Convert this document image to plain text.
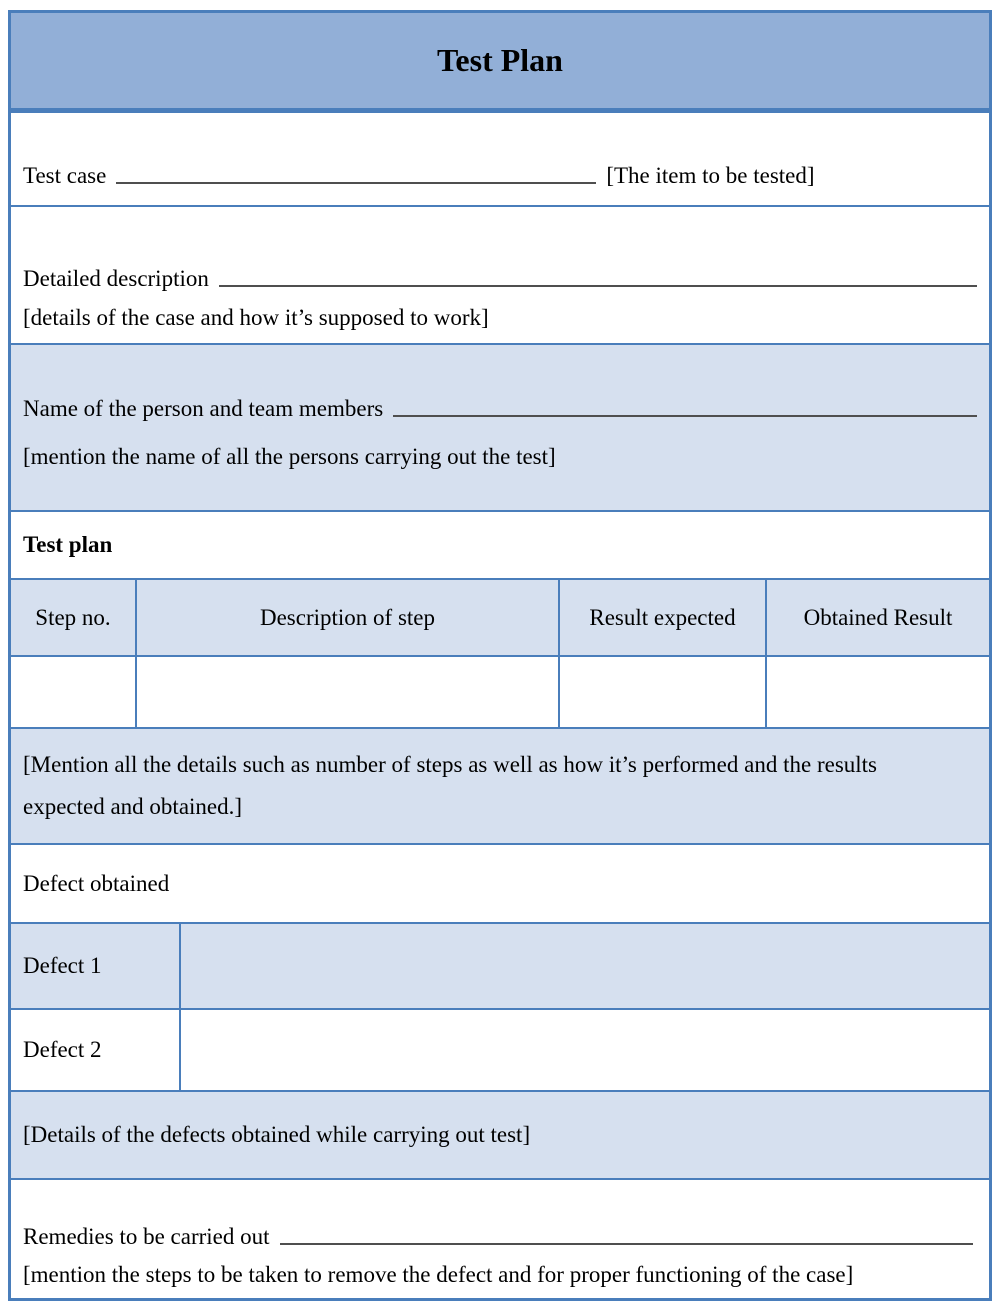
Test Plan
Test case	[The item to be tested]
Detailed description
[details of the case and how it’s supposed to work]
Name of the person and team members
[mention the name of all the persons carrying out the test]
Test plan
Step no.	Description of step	Result expected	Obtained Result
[Mention all the details such as number of steps as well as how it’s performed and the results expected and obtained.]
Defect obtained
Defect 1
Defect 2
[Details of the defects obtained while carrying out test]
Remedies to be carried out
[mention the steps to be taken to remove the defect and for proper functioning of the case]
